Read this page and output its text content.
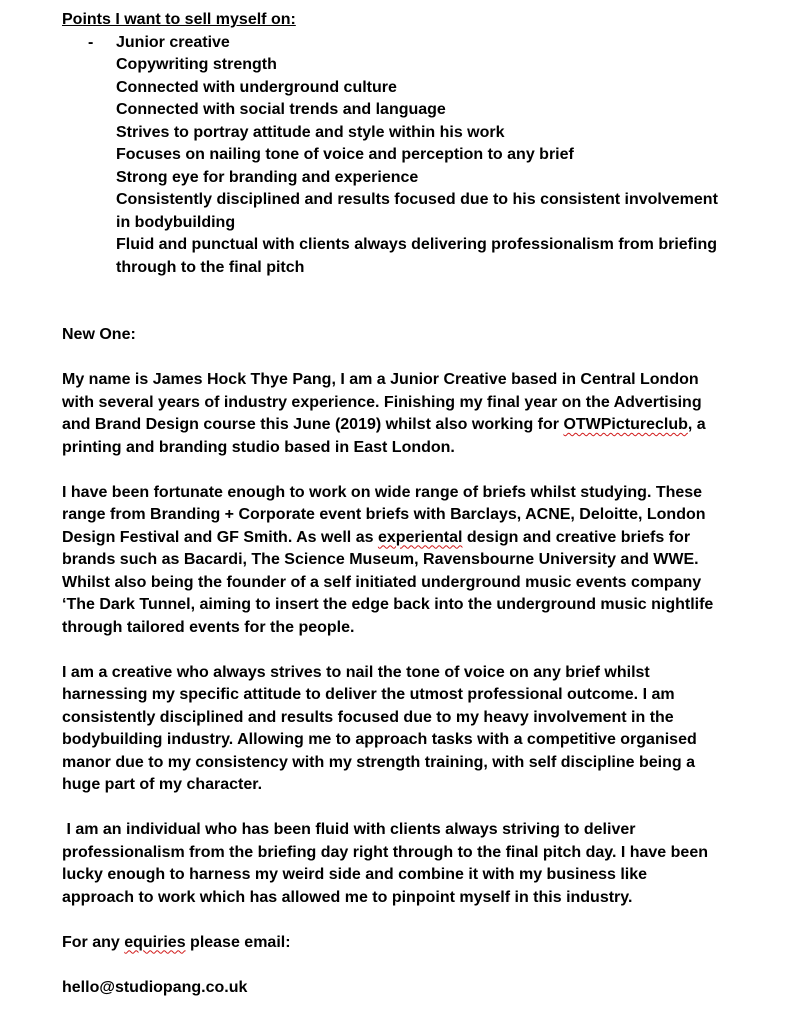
Points I want to sell myself on:
- Junior creative
Copywriting strength
Connected with underground culture
Connected with social trends and language
Strives to portray attitude and style within his work
Focuses on nailing tone of voice and perception to any brief
Strong eye for branding and experience
Consistently disciplined and results focused due to his consistent involvement
in bodybuilding
Fluid and punctual with clients always delivering professionalism from briefing
through to the final pitch
New One:
My name is James Hock Thye Pang, I am a Junior Creative based in Central London
with several years of industry experience. Finishing my final year on the Advertising
and Brand Design course this June (2019) whilst also working for OTWPictureclub, a
printing and branding studio based in East London.
I have been fortunate enough to work on wide range of briefs whilst studying. These
range from Branding + Corporate event briefs with Barclays, ACNE, Deloitte, London
Design Festival and GF Smith. As well as experiental design and creative briefs for
brands such as Bacardi, The Science Museum, Ravensbourne University and WWE.
Whilst also being the founder of a self initiated underground music events company
‘The Dark Tunnel, aiming to insert the edge back into the underground music nightlife
through tailored events for the people.
I am a creative who always strives to nail the tone of voice on any brief whilst
harnessing my specific attitude to deliver the utmost professional outcome. I am
consistently disciplined and results focused due to my heavy involvement in the
bodybuilding industry. Allowing me to approach tasks with a competitive organised
manor due to my consistency with my strength training, with self discipline being a
huge part of my character.
I am an individual who has been fluid with clients always striving to deliver
professionalism from the briefing day right through to the final pitch day. I have been
lucky enough to harness my weird side and combine it with my business like
approach to work which has allowed me to pinpoint myself in this industry.
For any equiries please email:
hello@studiopang.co.uk
